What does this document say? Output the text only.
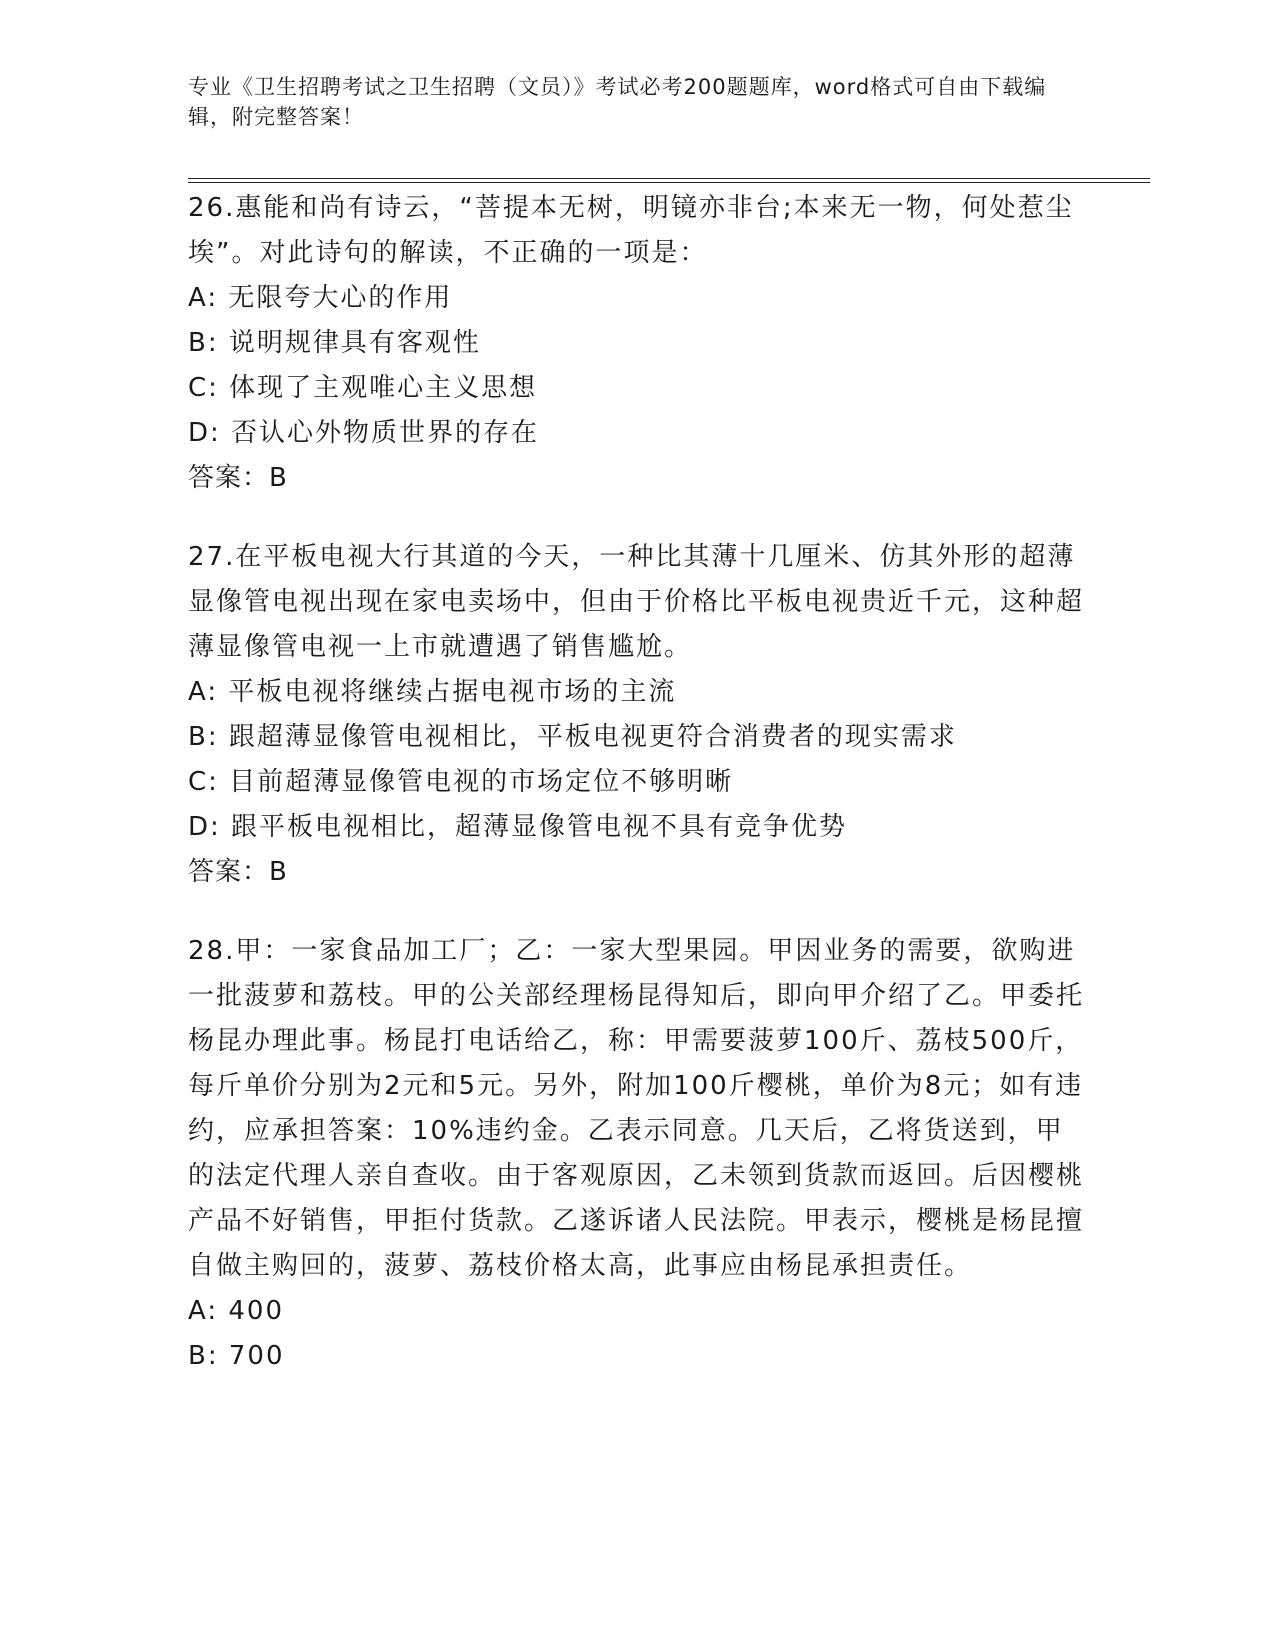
专业《卫生招聘考试之卫生招聘（文员）》考试必考200题题库，word格式可自由下载编辑，附完整答案！
26.惠能和尚有诗云，“菩提本无树，明镜亦非台;本来无一物，何处惹尘埃”。对此诗句的解读，不正确的一项是：
A: 无限夸大心的作用
B: 说明规律具有客观性
C: 体现了主观唯心主义思想
D: 否认心外物质世界的存在
答案：B
27.在平板电视大行其道的今天，一种比其薄十几厘米、仿其外形的超薄显像管电视出现在家电卖场中，但由于价格比平板电视贵近千元，这种超薄显像管电视一上市就遭遇了销售尴尬。
A: 平板电视将继续占据电视市场的主流
B: 跟超薄显像管电视相比，平板电视更符合消费者的现实需求
C: 目前超薄显像管电视的市场定位不够明晰
D: 跟平板电视相比，超薄显像管电视不具有竞争优势
答案：B
28.甲：一家食品加工厂；乙：一家大型果园。甲因业务的需要，欲购进一批菠萝和荔枝。甲的公关部经理杨昆得知后，即向甲介绍了乙。甲委托杨昆办理此事。杨昆打电话给乙，称：甲需要菠萝100斤、荔枝500斤，每斤单价分别为2元和5元。另外，附加100斤樱桃，单价为8元；如有违约，应承担答案：10%违约金。乙表示同意。几天后，乙将货送到，甲的法定代理人亲自查收。由于客观原因，乙未领到货款而返回。后因樱桃产品不好销售，甲拒付货款。乙遂诉诸人民法院。甲表示，樱桃是杨昆擅自做主购回的，菠萝、荔枝价格太高，此事应由杨昆承担责任。
A: 400
B: 700
